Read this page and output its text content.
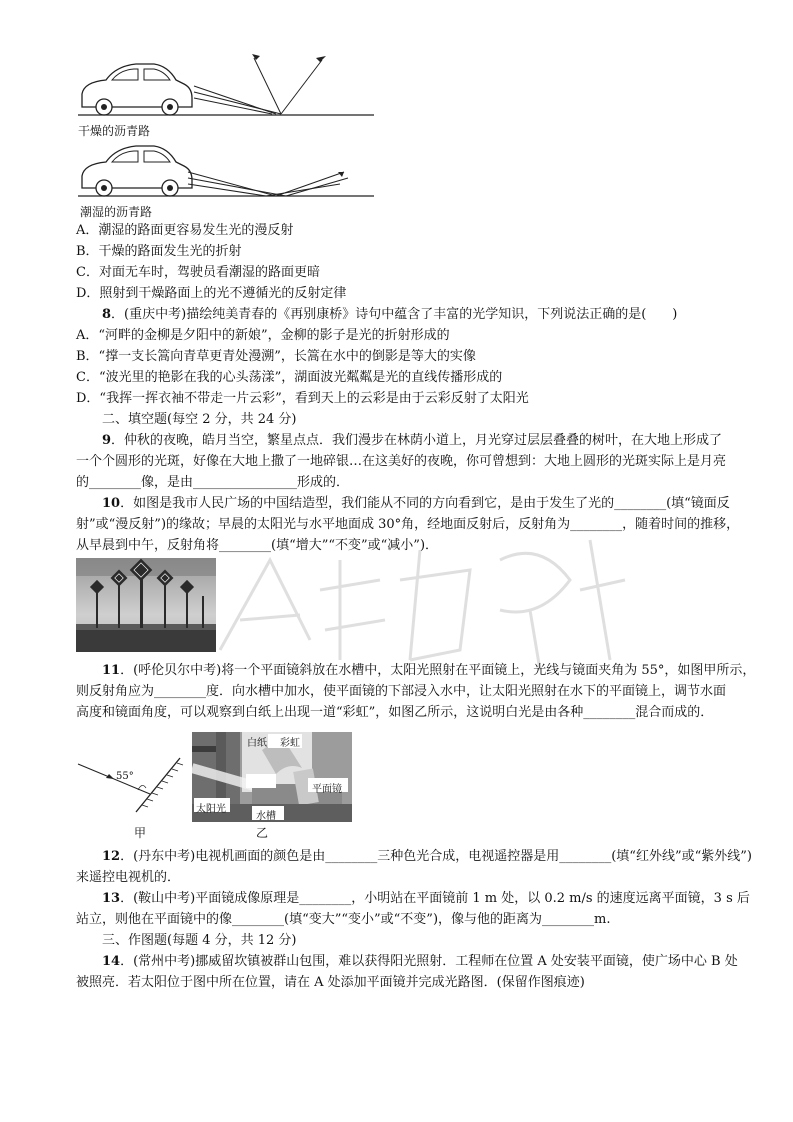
干燥的沥青路
潮湿的沥青路
A．潮湿的路面更容易发生光的漫反射
B．干燥的路面发生光的折射
C．对面无车时，驾驶员看潮湿的路面更暗
D．照射到干燥路面上的光不遵循光的反射定律
8．(重庆中考)描绘纯美青春的《再别康桥》诗句中蕴含了丰富的光学知识，下列说法正确的是(　　)
A．“河畔的金柳是夕阳中的新娘”，金柳的影子是光的折射形成的
B．“撑一支长篙向青草更青处漫溯”，长篙在水中的倒影是等大的实像
C．“波光里的艳影在我的心头荡漾”，湖面波光粼粼是光的直线传播形成的
D．“我挥一挥衣袖不带走一片云彩”，看到天上的云彩是由于云彩反射了太阳光
二、填空题(每空 2 分，共 24 分)
9．仲秋的夜晚，皓月当空，繁星点点．我们漫步在林荫小道上，月光穿过层层叠叠的树叶，在大地上形成了
一个个圆形的光斑，好像在大地上撒了一地碎银…在这美好的夜晚，你可曾想到：大地上圆形的光斑实际上是月亮
的________像，是由________________形成的．
10．如图是我市人民广场的中国结造型，我们能从不同的方向看到它，是由于发生了光的________(填“镜面反
射”或“漫反射”)的缘故；早晨的太阳光与水平地面成 30°角，经地面反射后，反射角为________，随着时间的推移，
从早晨到中午，反射角将________(填“增大”“不变”或“减小”)．
11．(呼伦贝尔中考)将一个平面镜斜放在水槽中，太阳光照射在平面镜上，光线与镜面夹角为 55°，如图甲所示，
则反射角应为________度．向水槽中加水，使平面镜的下部浸入水中，让太阳光照射在水下的平面镜上，调节水面
高度和镜面角度，可以观察到白纸上出现一道“彩虹”，如图乙所示，这说明白光是由各种________混合而成的．
55°
甲
白纸 彩虹
平面镜
太阳光
水槽
乙
12．(丹东中考)电视机画面的颜色是由________三种色光合成，电视遥控器是用________(填“红外线”或“紫外线”)
来遥控电视机的．
13．(鞍山中考)平面镜成像原理是________，小明站在平面镜前 1 m 处，以 0.2 m/s 的速度远离平面镜，3 s 后
站立，则他在平面镜中的像________(填“变大”“变小”或“不变”)，像与他的距离为________m.
三、作图题(每题 4 分，共 12 分)
14．(常州中考)挪威留坎镇被群山包围，难以获得阳光照射．工程师在位置 A 处安装平面镜，使广场中心 B 处
被照亮．若太阳位于图中所在位置，请在 A 处添加平面镜并完成光路图．(保留作图痕迹)
